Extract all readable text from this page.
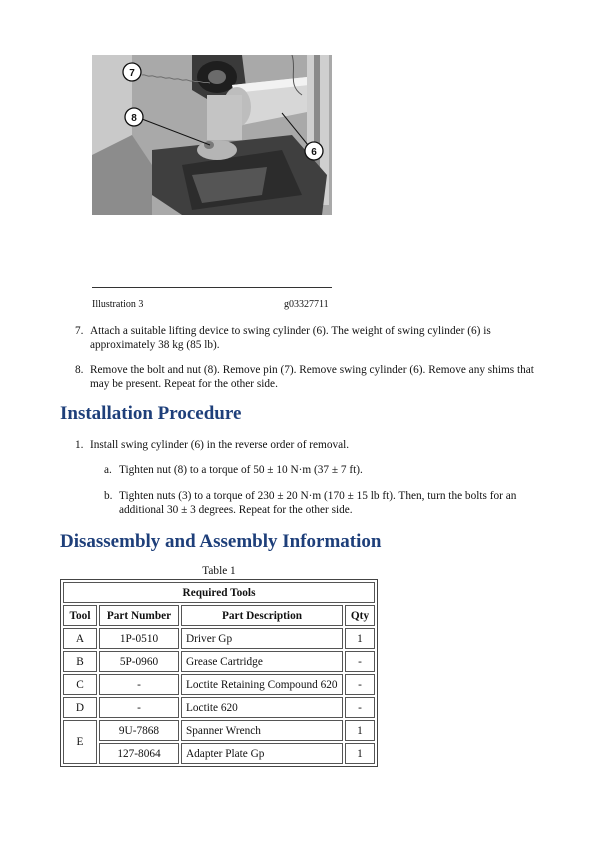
7
8
6
Illustration 3	g03327711
7. Attach a suitable lifting device to swing cylinder (6). The weight of swing cylinder (6) is approximately 38 kg (85 lb).
8. Remove the bolt and nut (8). Remove pin (7). Remove swing cylinder (6). Remove any shims that may be present. Repeat for the other side.
Installation Procedure
1. Install swing cylinder (6) in the reverse order of removal.
a. Tighten nut (8) to a torque of 50 ± 10 N·m (37 ± 7 ft).
b. Tighten nuts (3) to a torque of 230 ± 20 N·m (170 ± 15 lb ft). Then, turn the bolts for an additional 30 ± 3 degrees. Repeat for the other side.
Disassembly and Assembly Information
Table 1
Required Tools			
Tool	Part Number	Part Description	Qty
A	1P-0510	Driver Gp	1
B	5P-0960	Grease Cartridge	-
C	-	Loctite Retaining Compound 620	-
D	-	Loctite 620	-
E	9U-7868	Spanner Wrench	1
	127-8064	Adapter Plate Gp	1
